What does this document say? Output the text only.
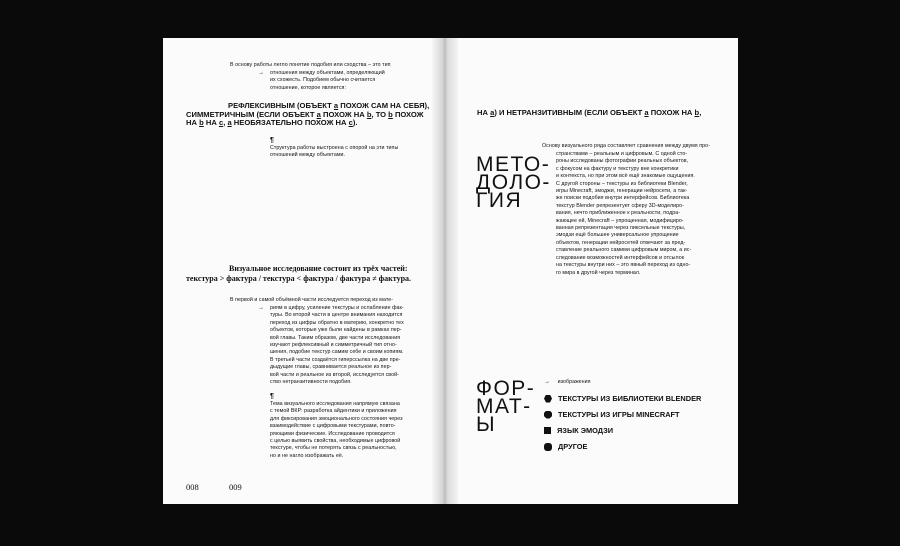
В основу работы легло понятие подобия или сходства – это тип

→ отношения между объектами, определяющий
их схожесть. Подобием обычно считается
отношение, которое является:
РЕФЛЕКСИВНЫМ (ОБЪЕКТ a ПОХОЖ САМ НА СЕБЯ),
СИММЕТРИЧНЫМ (ЕСЛИ ОБЪЕКТ a ПОХОЖ НА b, ТО b ПОХОЖ
НА b НА c, a НЕОБЯЗАТЕЛЬНО ПОХОЖ НА c).
¶
Структура работы выстроена с опорой на эти типы
отношений между объектами.
Визуальное исследование состоит из трёх частей:
текстура > фактура / текстура < фактура / фактура ≠ фактура.

В первой и самой объёмной части исследуется переход из мате-

→ риям в цифру, усиление текстуры и ослабление фак-
туры. Во второй части в центре внимания находится
переход из цифры обратно в материю, конкретно тех
объектов, которые уже были найдены в рамках пер-
вой главы. Таким образом, две части исследования
изучают рефлексивный и симметричный тип отно-
шения, подобие текстур самим себе и своим копиям.
В третьей части создаётся гиперссылка на две пре-
дыдущие главы, сравнивается реальное из пер-
вой части и реальное из второй, исследуется свой-
ство нетранзитивности подобия.
¶
Тема визуального исследования напрямую связана
с темой ВКР: разработка айдентики и приложения
для фиксирования эмоционального состояния через
взаимодействие с цифровыми текстурами, повто-
ряющими физические. Исследование проводится
с целью выявить свойства, необходимые цифровой
текстуре, чтобы не потерять связь с реальностью,
но и не нагло изображать её.
008	009
НА a) И НЕТРАНЗИТИВНЫМ (ЕСЛИ ОБЪЕКТ a ПОХОЖ НА b,
МЕТО-
ДОЛО-
ГИЯ

Основу визуального ряда составляет сравнения между двумя про-

странствами – реальным и цифровым. С одной сто-
роны исследованы фотографии реальных объектов,
с фокусом на фактуру и текстуру вне конкретики
и контекста, но при этом всё ещё знакомые ощущения.
С другой стороны – текстуры из библиотеки Blender,
игры Minecraft, эмоджи, генерации нейросети, а так-
же поиски подобия внутри интерфейсов. Библиотека
текстур Blender репрезентует сферу 3D-моделиро-
вания, нечто приближенное к реальности, подра-
жающее ей, Minecraft – упрощенная, модифициро-
ванная репрезентация через пиксельные текстуры,
эмодзи ещё большее универсальное упрощение
объектов, генерации нейросетей отвечают за пред-
ставление реального самими цифровым миром, а ис-
следование возможностей интерфейсов и отсылок
на текстуры внутри них – это явный переход из одно-
го мира в другой через терминал.
ФОР-
МАТ-
Ы
→ изображения
ТЕКСТУРЫ ИЗ БИБЛИОТЕКИ BLENDER
ТЕКСТУРЫ ИЗ ИГРЫ MINECRAFT
ЯЗЫК ЭМОДЗИ
ДРУГОЕ
